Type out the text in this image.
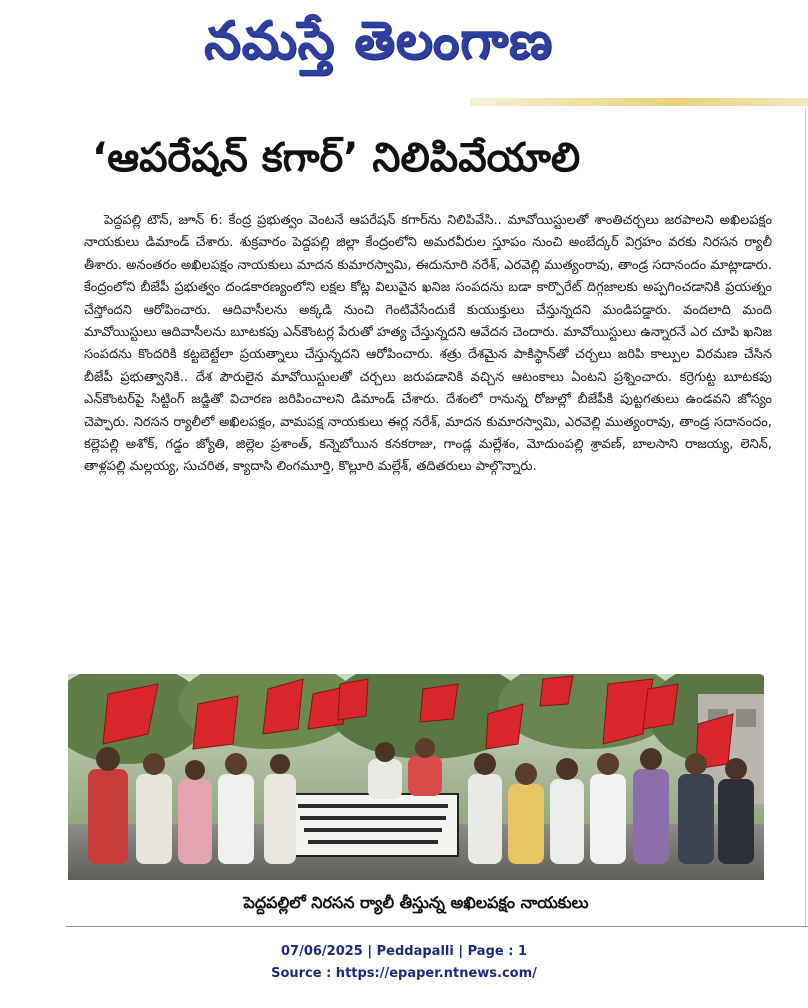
నమస్తే తెలంగాణ
‘ఆపరేషన్ కగార్’ నిలిపివేయాలి

పెద్దపల్లి టౌన్, జూన్ 6: కేంద్ర ప్రభుత్వం వెంటనే ఆపరేషన్ కగార్‌ను నిలిపివేసి.. మావోయిస్టులతో శాంతిచర్చలు జరపాలని అఖిలపక్షం నాయకులు డిమాండ్ చేశారు. శుక్రవారం పెద్దపల్లి జిల్లా కేంద్రంలోని అమరవీరుల స్తూపం నుంచి అంబేద్కర్ విగ్రహం వరకు నిరసన ర్యాలీ తీశారు. అనంతరం అఖిలపక్షం నాయకులు మాదన కుమారస్వామి, ఈదునూరి నరేశ్, ఎరవెల్లి ముత్యంరావు, తాండ్ర సదానందం మాట్లాడారు. కేంద్రంలోని బీజేపీ ప్రభుత్వం దండకారణ్యంలోని లక్షల కోట్ల విలువైన ఖనిజ సంపదను బడా కార్పొరేట్ దిగ్గజాలకు అప్పగించడానికి ప్రయత్నం చేస్తోందని ఆరోపించారు. ఆదివాసీలను అక్కడి నుంచి గెంటివేసేందుకే కుయుక్తులు చేస్తున్నదని మండిపడ్డారు. వందలాది మంది మావోయిస్టులు ఆదివాసీలను బూటకపు ఎన్‌కౌంటర్ల పేరుతో హత్య చేస్తున్నదని ఆవేదన చెందారు. మావోయిస్టులు ఉన్నారనే ఎర చూపి ఖనిజ సంపదను కొందరికి కట్టబెట్టేలా ప్రయత్నాలు చేస్తున్నదని ఆరోపించారు. శత్రు దేశమైన పాకిస్థాన్‌తో చర్చలు జరిపి కాల్పుల విరమణ చేసిన బీజేపీ ప్రభుత్వానికి.. దేశ పౌరులైన మావోయిస్టులతో చర్చలు జరుపడానికి వచ్చిన ఆటంకాలు ఏంటని ప్రశ్నించారు. కర్రెగుట్ట బూటకపు ఎన్‌కౌంటర్‌పై సిట్టింగ్ జడ్జితో విచారణ జరిపించాలని డిమాండ్ చేశారు. దేశంలో రానున్న రోజుల్లో బీజేపీకి పుట్టగతులు ఉండవని జోస్యం చెప్పారు. నిరసన ర్యాలీలో అఖిలపక్షం, వామపక్ష నాయకులు ఈర్ల నరేశ్, మాదన కుమారస్వామి, ఎరవెల్లి ముత్యంరావు, తాండ్ర సదానందం, కల్లెపల్లి అశోక్, గడ్డం జ్యోతి, జిల్లెల ప్రశాంత్, కన్నెబోయిన కనకరాజు, గాండ్ల మల్లేశం, మోదుంపల్లి శ్రావణ్, బాలసాని రాజయ్య, లెనిన్, తాళ్లపల్లి మల్లయ్య, సుచరిత, క్యాదాసి లింగమూర్తి, కొల్లూరి మల్లేశ్, తదితరులు పాల్గొన్నారు.

పెద్దపల్లిలో నిరసన ర్యాలీ తీస్తున్న అఖిలపక్షం నాయకులు
07/06/2025 | Peddapalli | Page : 1
Source : https://epaper.ntnews.com/
